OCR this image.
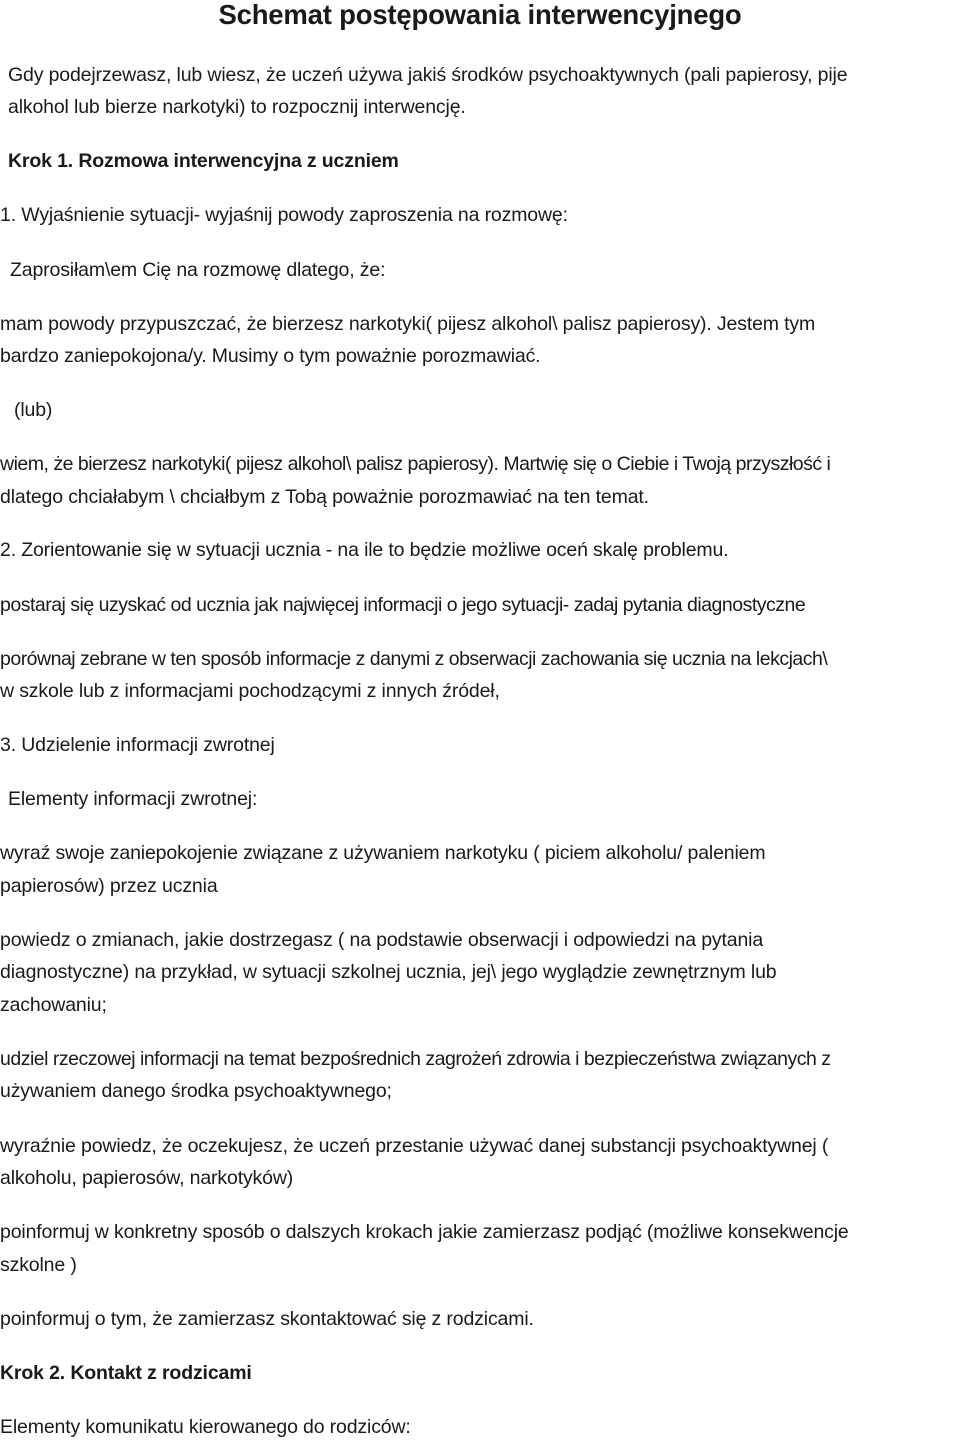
Schemat postępowania interwencyjnego

Gdy podejrzewasz, lub wiesz, że uczeń używa jakiś środków psychoaktywnych (pali papierosy, pije

alkohol lub bierze narkotyki) to rozpocznij interwencję.

Krok 1. Rozmowa interwencyjna z uczniem

1. Wyjaśnienie sytuacji- wyjaśnij powody zaproszenia na rozmowę:

Zaprosiłam\em Cię na rozmowę dlatego, że:

mam powody przypuszczać, że bierzesz narkotyki( pijesz alkohol\ palisz papierosy). Jestem tym

bardzo zaniepokojona/y. Musimy o tym poważnie porozmawiać.

(lub)

wiem, że bierzesz narkotyki( pijesz alkohol\ palisz papierosy). Martwię się o Ciebie i Twoją przyszłość i

dlatego chciałabym \ chciałbym z Tobą poważnie porozmawiać na ten temat.

2. Zorientowanie się w sytuacji ucznia - na ile to będzie możliwe oceń skalę problemu.

postaraj się uzyskać od ucznia jak najwięcej informacji o jego sytuacji- zadaj pytania diagnostyczne

porównaj zebrane w ten sposób informacje z danymi z obserwacji zachowania się ucznia na lekcjach\

w szkole lub z informacjami pochodzącymi z innych źródeł,

3. Udzielenie informacji zwrotnej

Elementy informacji zwrotnej:

wyraź swoje zaniepokojenie związane z używaniem narkotyku ( piciem alkoholu/ paleniem

papierosów) przez ucznia

powiedz o zmianach, jakie dostrzegasz ( na podstawie obserwacji i odpowiedzi na pytania

diagnostyczne) na przykład, w sytuacji szkolnej ucznia, jej\ jego wyglądzie zewnętrznym lub

zachowaniu;

udziel rzeczowej informacji na temat bezpośrednich zagrożeń zdrowia i bezpieczeństwa związanych z

używaniem danego środka psychoaktywnego;

wyraźnie powiedz, że oczekujesz, że uczeń przestanie używać danej substancji psychoaktywnej (

alkoholu, papierosów, narkotyków)

poinformuj w konkretny sposób o dalszych krokach jakie zamierzasz podjąć (możliwe konsekwencje

szkolne )

poinformuj o tym, że zamierzasz skontaktować się z rodzicami.

Krok 2. Kontakt z rodzicami

Elementy komunikatu kierowanego do rodziców:
